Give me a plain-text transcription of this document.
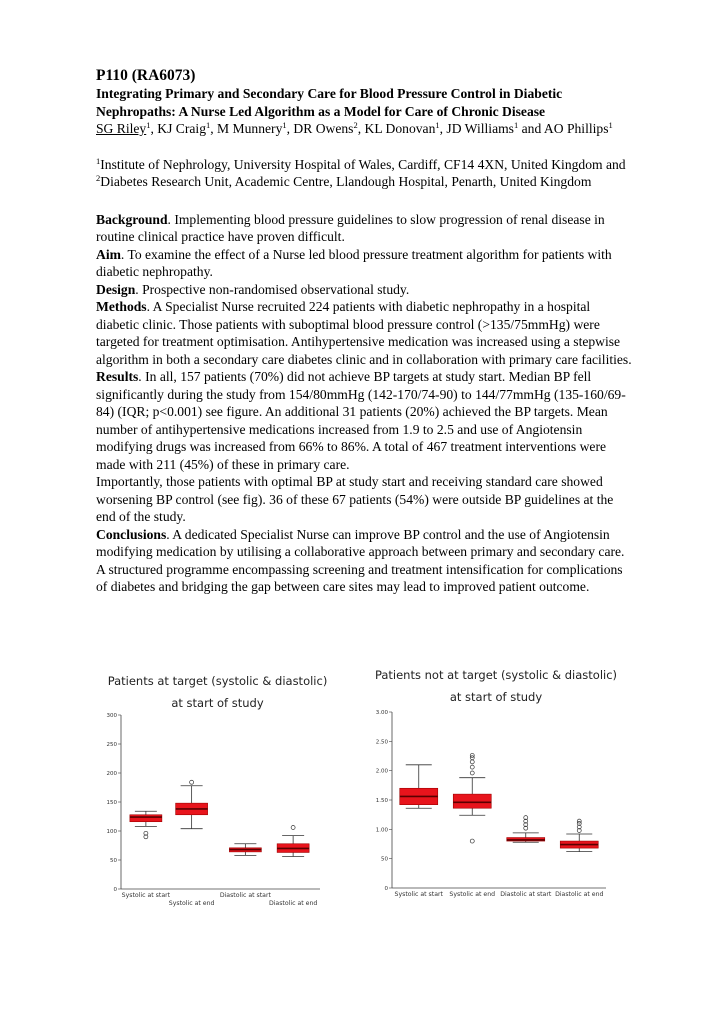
P110 (RA6073)

Integrating Primary and Secondary Care for Blood Pressure Control in Diabetic
Nephropaths: A Nurse Led Algorithm as a Model for Care of Chronic Disease

SG Riley$^1$, KJ Craig$^1$, M Munnery$^1$, DR Owens$^2$, KL Donovan$^1$, JD Williams$^1$ and AO Phillips$^1$

$^1$Institute of Nephrology, University Hospital of Wales, Cardiff, CF14 4XN, United Kingdom and $^2$Diabetes Research Unit, Academic Centre, Llandough Hospital, Penarth, United Kingdom

Background. Implementing blood pressure guidelines to slow progression of renal disease in routine clinical practice have proven difficult.

Aim. To examine the effect of a Nurse led blood pressure treatment algorithm for patients with diabetic nephropathy.

Design. Prospective non-randomised observational study.

Methods. A Specialist Nurse recruited 224 patients with diabetic nephropathy in a hospital diabetic clinic. Those patients with suboptimal blood pressure control (>135/75mmHg) were targeted for treatment optimisation. Antihypertensive medication was increased using a stepwise algorithm in both a secondary care diabetes clinic and in collaboration with primary care facilities.

Results. In all, 157 patients (70%) did not achieve BP targets at study start. Median BP fell significantly during the study from 154/80mmHg (142-170/74-90) to 144/77mmHg (135-160/69-84) (IQR; p<0.001) see figure. An additional 31 patients (20%) achieved the BP targets. Mean number of antihypertensive medications increased from 1.9 to 2.5 and use of Angiotensin modifying drugs was increased from 66% to 86%. A total of 467 treatment interventions were made with 211 (45%) of these in primary care.

Importantly, those patients with optimal BP at study start and receiving standard care showed worsening BP control (see fig). 36 of these 67 patients (54%) were outside BP guidelines at the end of the study.

Conclusions. A dedicated Specialist Nurse can improve BP control and the use of Angiotensin modifying medication by utilising a collaborative approach between primary and secondary care. A structured programme encompassing screening and treatment intensification for complications of diabetes and bridging the gap between care sites may lead to improved patient outcome.

Patients at target (systolic & diastolic)
at start of study
300
250
200
150
100
50
0
Systolic at start
Systolic at end
Diastolic at start
Diastolic at end
Patients not at target (systolic & diastolic)
at start of study
3.00
2.50
2.00
1.50
1.00
50
0
Systolic at start Systolic at end Diastolic at start Diastolic at end
